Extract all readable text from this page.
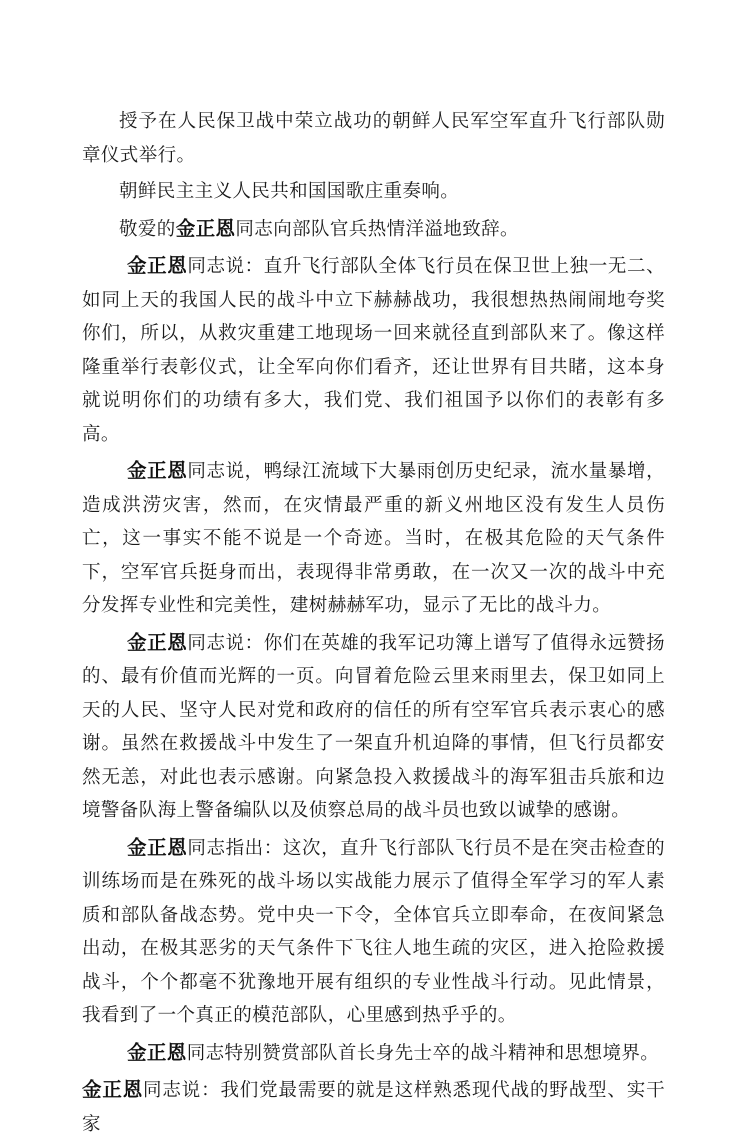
授予在人民保卫战中荣立战功的朝鲜人民军空军直升飞行部队勋章仪式举行。

朝鲜民主主义人民共和国国歌庄重奏响。

敬爱的金正恩同志向部队官兵热情洋溢地致辞。

金正恩同志说：直升飞行部队全体飞行员在保卫世上独一无二、如同上天的我国人民的战斗中立下赫赫战功，我很想热热闹闹地夸奖你们，所以，从救灾重建工地现场一回来就径直到部队来了。像这样隆重举行表彰仪式，让全军向你们看齐，还让世界有目共睹，这本身就说明你们的功绩有多大，我们党、我们祖国予以你们的表彰有多高。

金正恩同志说，鸭绿江流域下大暴雨创历史纪录，流水量暴增，造成洪涝灾害，然而，在灾情最严重的新义州地区没有发生人员伤亡，这一事实不能不说是一个奇迹。当时，在极其危险的天气条件下，空军官兵挺身而出，表现得非常勇敢，在一次又一次的战斗中充分发挥专业性和完美性，建树赫赫军功，显示了无比的战斗力。

金正恩同志说：你们在英雄的我军记功簿上谱写了值得永远赞扬的、最有价值而光辉的一页。向冒着危险云里来雨里去，保卫如同上天的人民、坚守人民对党和政府的信任的所有空军官兵表示衷心的感谢。虽然在救援战斗中发生了一架直升机迫降的事情，但飞行员都安然无恙，对此也表示感谢。向紧急投入救援战斗的海军狙击兵旅和边境警备队海上警备编队以及侦察总局的战斗员也致以诚挚的感谢。

金正恩同志指出：这次，直升飞行部队飞行员不是在突击检查的训练场而是在殊死的战斗场以实战能力展示了值得全军学习的军人素质和部队备战态势。党中央一下令，全体官兵立即奉命，在夜间紧急出动，在极其恶劣的天气条件下飞往人地生疏的灾区，进入抢险救援战斗，个个都毫不犹豫地开展有组织的专业性战斗行动。见此情景，我看到了一个真正的模范部队，心里感到热乎乎的。

金正恩同志特别赞赏部队首长身先士卒的战斗精神和思想境界。

金正恩同志说：我们党最需要的就是这样熟悉现代战的野战型、实干家
